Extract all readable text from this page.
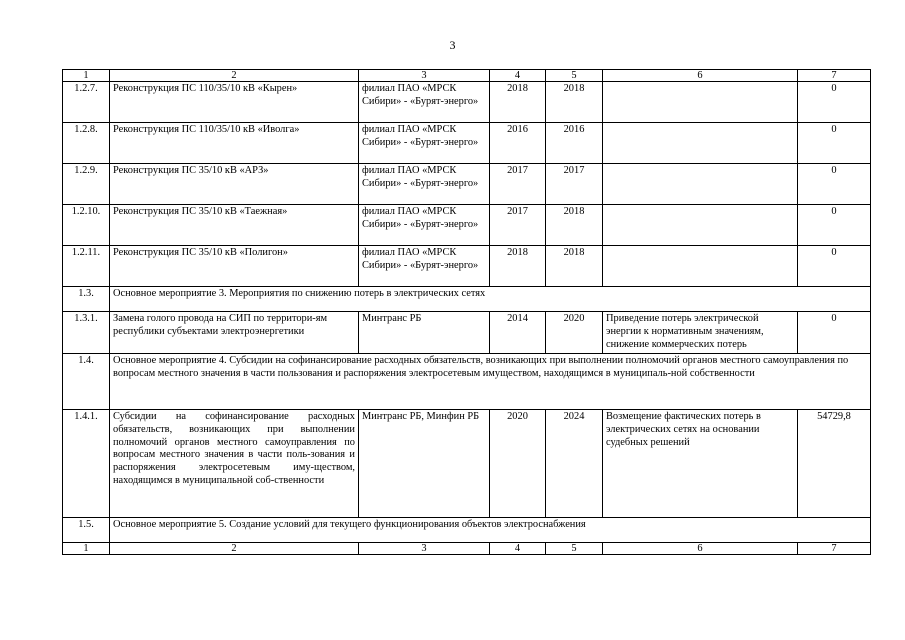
3
1	2	3	4	5	6	7
1.2.7.	Реконструкция ПС 110/35/10 кВ «Кырен»	филиал ПАО «МРСК Сибири» - «Бурят-энерго»	2018	2018		0
1.2.8.	Реконструкция ПС 110/35/10 кВ «Иволга»	филиал ПАО «МРСК Сибири» - «Бурят-энерго»	2016	2016		0
1.2.9.	Реконструкция ПС 35/10 кВ «АРЗ»	филиал ПАО «МРСК Сибири» - «Бурят-энерго»	2017	2017		0
1.2.10.	Реконструкция ПС 35/10 кВ «Таежная»	филиал ПАО «МРСК Сибири» - «Бурят-энерго»	2017	2018		0
1.2.11.	Реконструкция ПС 35/10 кВ «Полигон»	филиал ПАО «МРСК Сибири» - «Бурят-энерго»	2018	2018		0
1.3.	Основное мероприятие 3. Мероприятия по снижению потерь в электрических сетях					
1.3.1.	Замена голого провода на СИП по территори-ям республики субъектами электроэнергетики	Минтранс РБ	2014	2020	Приведение потерь электрической энергии к нормативным значениям, снижение коммерческих потерь	0
1.4.	Основное мероприятие 4. Субсидии на софинансирование расходных обязательств, возникающих при выполнении полномочий органов местного самоуправления по вопросам местного значения в части пользования и распоряжения электросетевым имуществом, находящимся в муниципаль-ной собственности					
1.4.1.	Субсидии на софинансирование расходных обязательств, возникающих при выполнении полномочий органов местного самоуправления по вопросам местного значения в части поль-зования и распоряжения электросетевым иму-ществом, находящимся в муниципальной соб-ственности	Минтранс РБ, Минфин РБ	2020	2024	Возмещение фактических потерь в электрических сетях на основании судебных решений	54729,8
1.5.	Основное мероприятие 5. Создание условий для текущего функционирования объектов электроснабжения					
1	2	3	4	5	6	7
